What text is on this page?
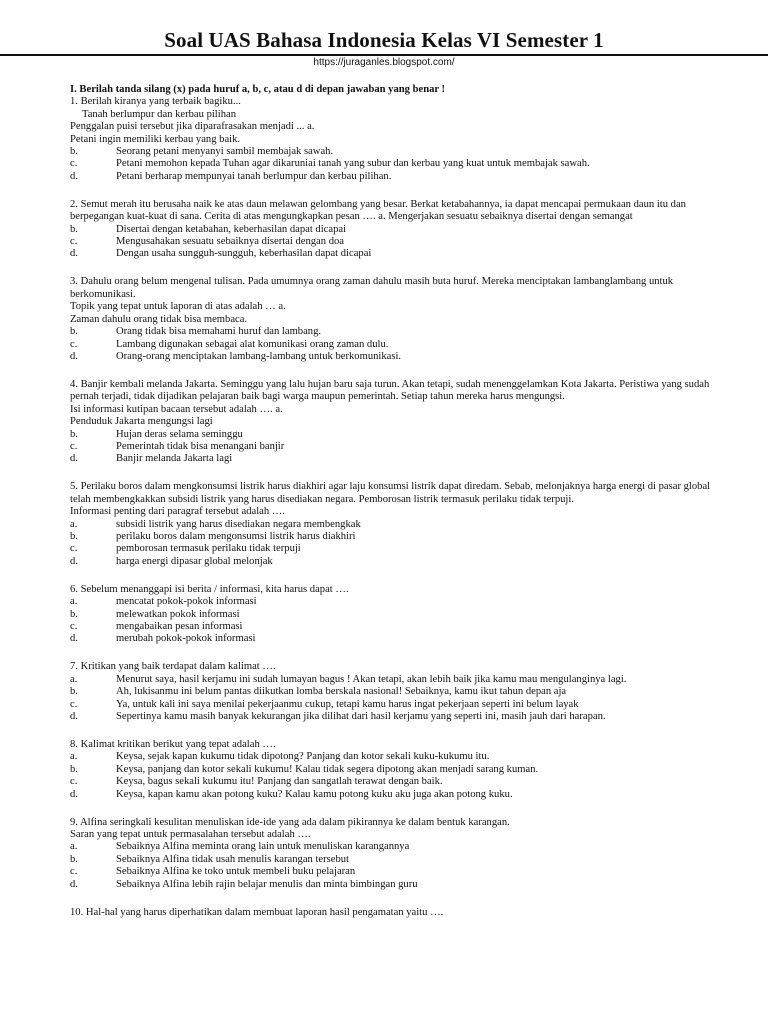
Soal UAS Bahasa Indonesia Kelas VI Semester 1
https://juraganles.blogspot.com/
I. Berilah tanda silang (x) pada huruf a, b, c, atau d di depan jawaban yang benar !
1. Berilah kiranya yang terbaik bagiku...
Tanah berlumpur dan kerbau pilihan
Penggalan puisi tersebut jika diparafrasakan menjadi ... a.
Petani ingin memiliki kerbau yang baik.
b.	Seorang petani menyanyi sambil membajak sawah.
c.	Petani memohon kepada Tuhan agar dikaruniai tanah yang subur dan kerbau yang kuat untuk membajak sawah.
d.	Petani berharap mempunyai tanah berlumpur dan kerbau pilihan.
2. Semut merah itu berusaha naik ke atas daun melawan gelombang yang besar. Berkat ketabahannya, ia dapat mencapai permukaan daun itu dan berpegangan kuat-kuat di sana. Cerita di atas mengungkapkan pesan …. a. Mengerjakan sesuatu sebaiknya disertai dengan semangat
b.	Disertai dengan ketabahan, keberhasilan dapat dicapai
c.	Mengusahakan sesuatu sebaiknya disertai dengan doa
d.	Dengan usaha sungguh-sungguh, keberhasilan dapat dicapai
3. Dahulu orang belum mengenal tulisan. Pada umumnya orang zaman dahulu masih buta huruf. Mereka menciptakan lambanglambang untuk berkomunikasi.
Topik yang tepat untuk laporan di atas adalah … a.
Zaman dahulu orang tidak bisa membaca.
b.	Orang tidak bisa memahami huruf dan lambang.
c.	Lambang digunakan sebagai alat komunikasi orang zaman dulu.
d.	Orang-orang menciptakan lambang-lambang untuk berkomunikasi.
4. Banjir kembali melanda Jakarta. Seminggu yang lalu hujan baru saja turun. Akan tetapi, sudah menenggelamkan Kota Jakarta. Peristiwa yang sudah pernah terjadi, tidak dijadikan pelajaran baik bagi warga maupun pemerintah. Setiap tahun mereka harus mengungsi.
Isi informasi kutipan bacaan tersebut adalah …. a.
Penduduk Jakarta mengungsi lagi
b.	Hujan deras selama seminggu
c.	Pemerintah tidak bisa menangani banjir
d.	Banjir melanda Jakarta lagi
5. Perilaku boros dalam mengkonsumsi listrik harus diakhiri agar laju konsumsi listrik dapat diredam. Sebab, melonjaknya harga energi di pasar global telah membengkakkan subsidi listrik yang harus disediakan negara. Pemborosan listrik termasuk perilaku tidak terpuji.
Informasi penting dari paragraf tersebut adalah ….
a.	subsidi listrik yang harus disediakan negara membengkak
b.	perilaku boros dalam mengonsumsi listrik harus diakhiri
c.	pemborosan termasuk perilaku tidak terpuji
d.	harga energi dipasar global melonjak
6. Sebelum menanggapi isi berita / informasi, kita harus dapat ….
a.	mencatat pokok-pokok informasi
b.	melewatkan pokok informasi
c.	mengabaikan pesan informasi
d.	merubah pokok-pokok informasi
7. Kritikan yang baik terdapat dalam kalimat ….
a.	Menurut saya, hasil kerjamu ini sudah lumayan bagus ! Akan tetapi, akan lebih baik jika kamu mau mengulanginya lagi.
b.	Ah, lukisanmu ini belum pantas diikutkan lomba berskala nasional! Sebaiknya, kamu ikut tahun depan aja
c.	Ya, untuk kali ini saya menilai pekerjaanmu cukup, tetapi kamu harus ingat pekerjaan seperti ini belum layak
d.	Sepertinya kamu masih banyak kekurangan jika dilihat dari hasil kerjamu yang seperti ini, masih jauh dari harapan.
8. Kalimat kritikan berikut yang tepat adalah ….
a.	Keysa, sejak kapan kukumu tidak dipotong? Panjang dan kotor sekali kuku-kukumu itu.
b.	Keysa, panjang dan kotor sekali kukumu! Kalau tidak segera dipotong akan menjadi sarang kuman.
c.	Keysa, bagus sekali kukumu itu! Panjang dan sangatlah terawat dengan baik.
d.	Keysa, kapan kamu akan potong kuku? Kalau kamu potong kuku aku juga akan potong kuku.
9. Alfina seringkali kesulitan menuliskan ide-ide yang ada dalam pikirannya ke dalam bentuk karangan.
Saran yang tepat untuk permasalahan tersebut adalah ….
a.	Sebaiknya Alfina meminta orang lain untuk menuliskan karangannya
b.	Sebaiknya Alfina tidak usah menulis karangan tersebut
c.	Sebaiknya Alfina ke toko untuk membeli buku pelajaran
d.	Sebaiknya Alfina lebih rajin belajar menulis dan minta bimbingan guru
10. Hal-hal yang harus diperhatikan dalam membuat laporan hasil pengamatan yaitu ….
